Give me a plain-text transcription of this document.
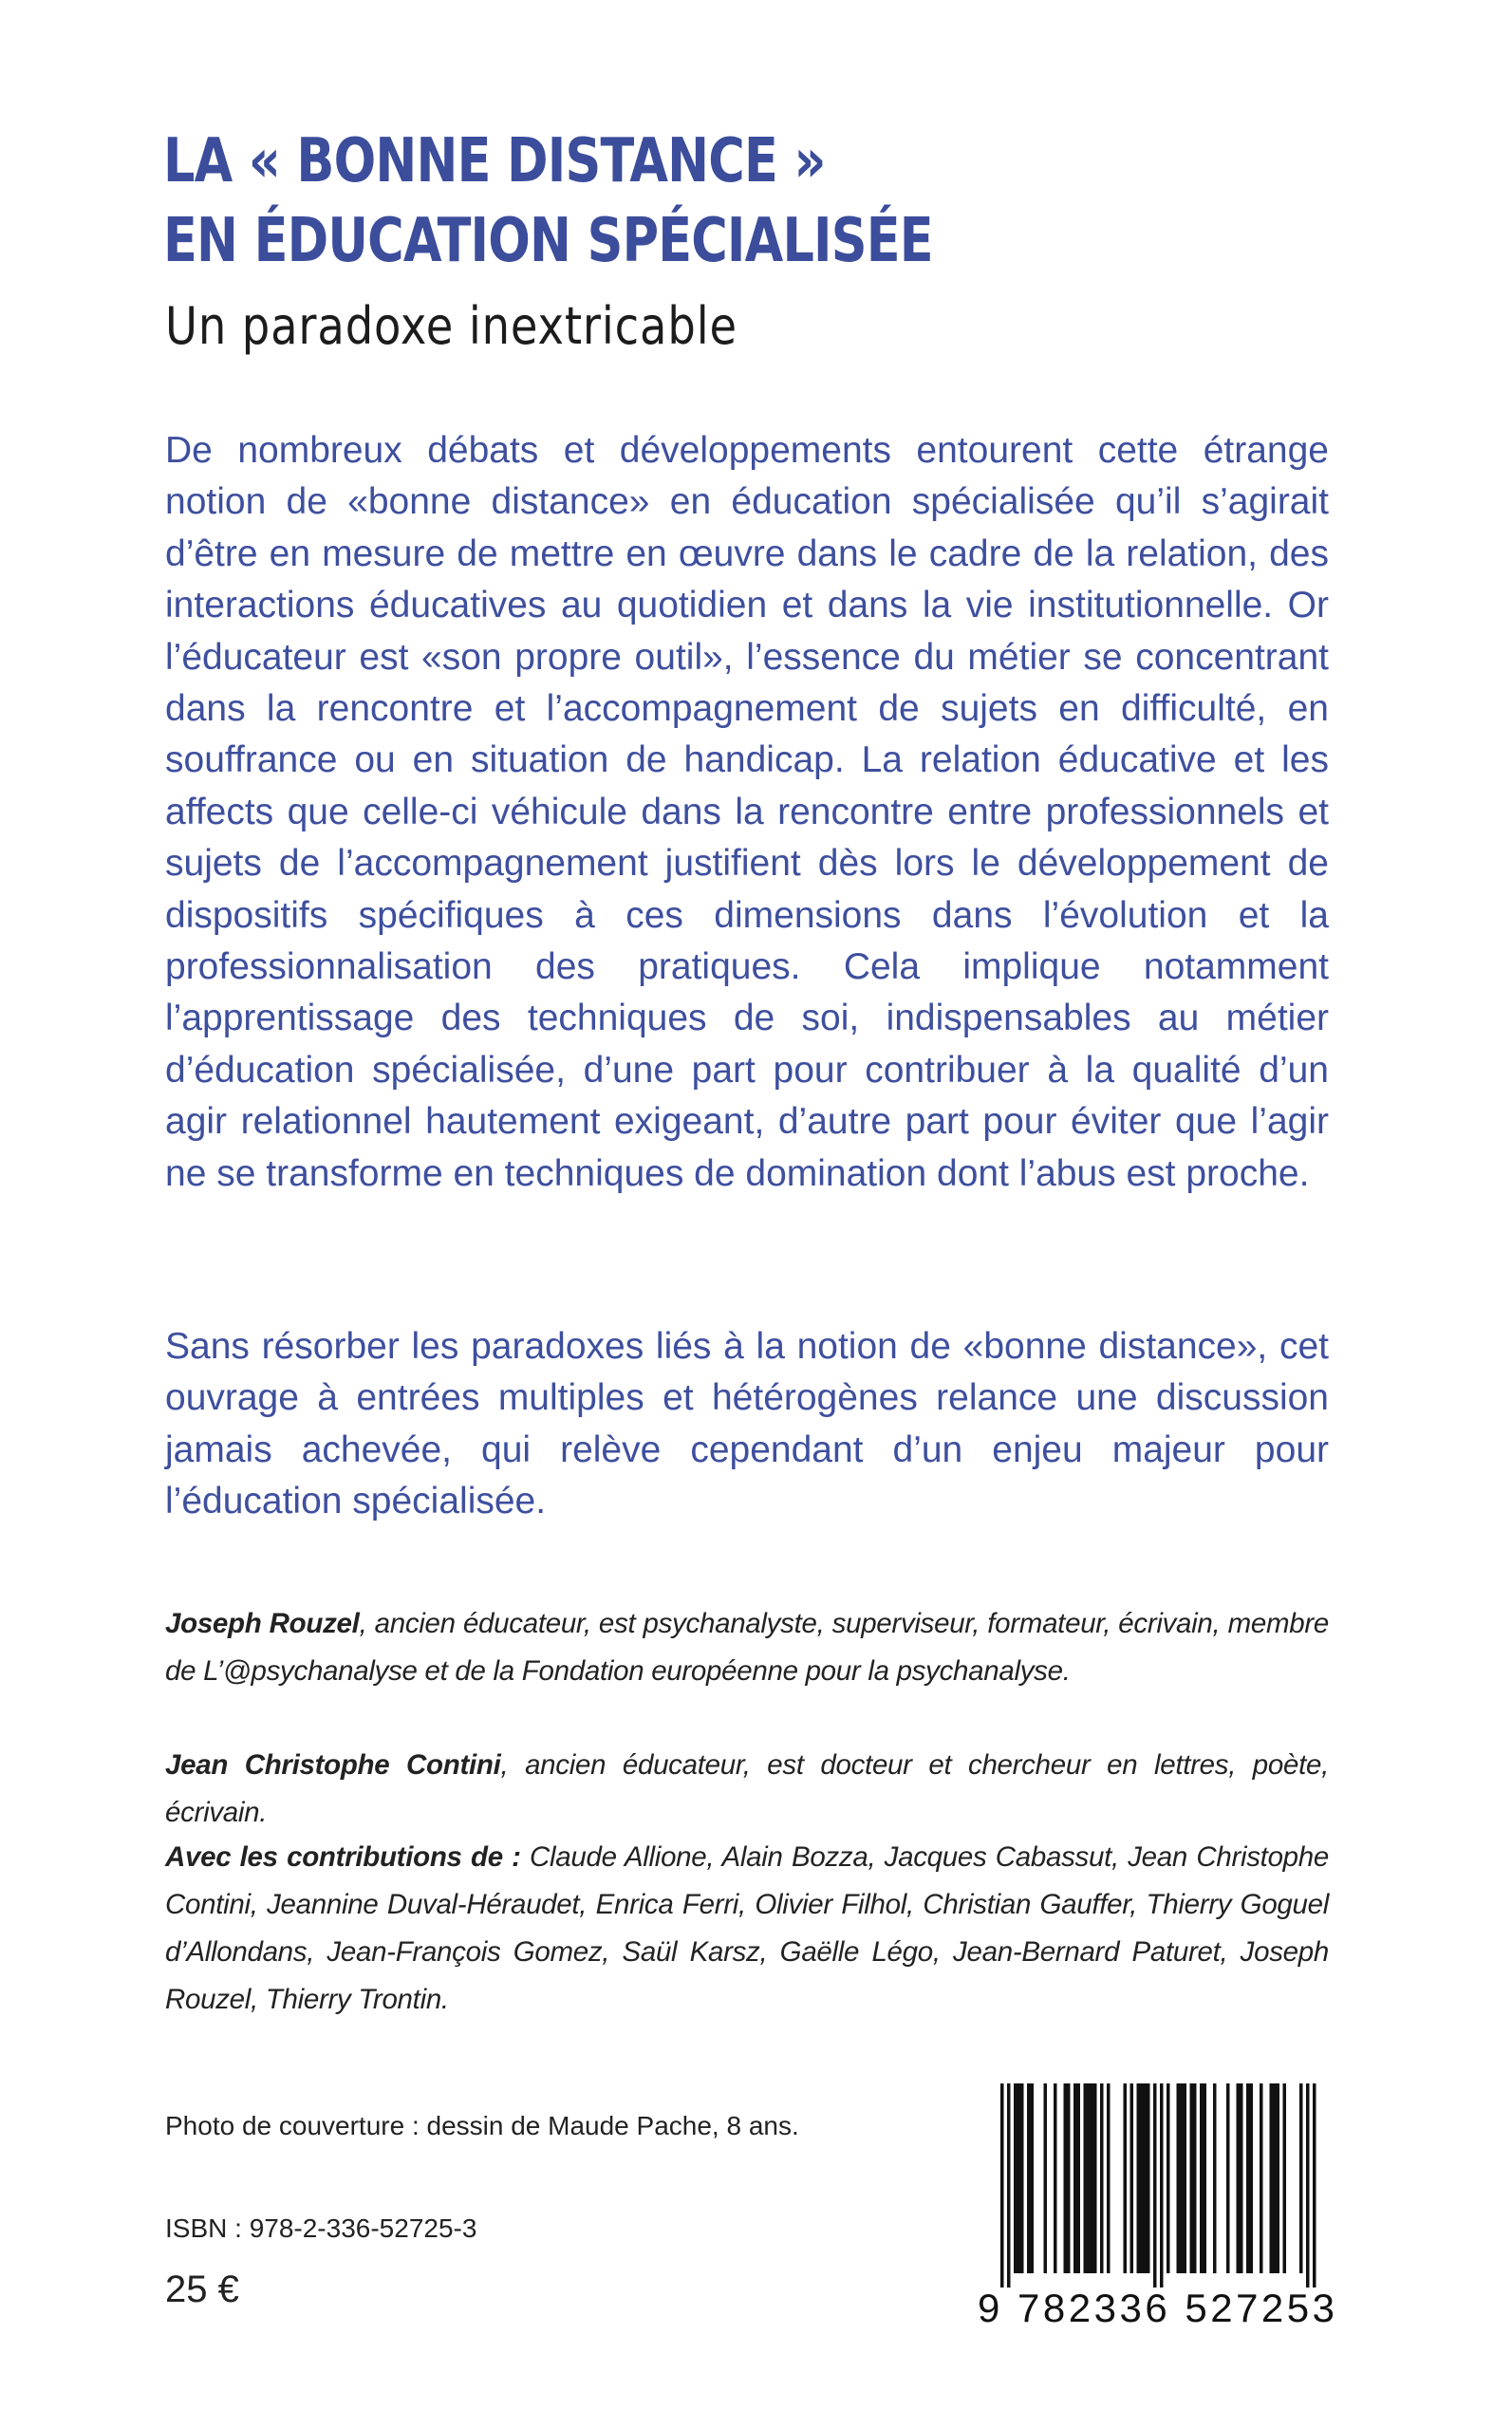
LA « BONNE DISTANCE »
EN ÉDUCATION SPÉCIALISÉE
Un paradoxe inextricable

De nombreux débats et développements entourent cette étrange notion de «bonne distance» en éducation spécialisée qu’il s’agirait d’être en mesure de mettre en œuvre dans le cadre de la relation, des interactions éducatives au quotidien et dans la vie institutionnelle. Or l’éducateur est «son propre outil», l’essence du métier se concentrant dans la rencontre et l’accompagnement de sujets en difficulté, en souffrance ou en situation de handicap. La relation éducative et les affects que celle-ci véhicule dans la rencontre entre professionnels et sujets de l’accompagnement justifient dès lors le développement de dispositifs spécifiques à ces dimensions dans l’évolution et la professionnalisation des pratiques. Cela implique notamment l’apprentissage des techniques de soi, indispensables au métier d’éducation spécialisée, d’une part pour contribuer à la qualité d’un agir relationnel hautement exigeant, d’autre part pour éviter que l’agir ne se transforme en techniques de domination dont l’abus est proche.

Sans résorber les paradoxes liés à la notion de «bonne distance», cet ouvrage à entrées multiples et hétérogènes relance une discussion jamais achevée, qui relève cependant d’un enjeu majeur pour l’éducation spécialisée.

Joseph Rouzel, ancien éducateur, est psychanalyste, superviseur, formateur, écrivain, membre de L’@psychanalyse et de la Fondation européenne pour la psychanalyse.

Jean Christophe Contini, ancien éducateur, est docteur et chercheur en lettres, poète, écrivain.

Avec les contributions de : Claude Allione, Alain Bozza, Jacques Cabassut, Jean Christophe Contini, Jeannine Duval-Héraudet, Enrica Ferri, Olivier Filhol, Christian Gauffer, Thierry Goguel d’Allondans, Jean-François Gomez, Saül Karsz, Gaëlle Légo, Jean-Bernard Paturet, Joseph Rouzel, Thierry Trontin.

Photo de couverture : dessin de Maude Pache, 8 ans.
ISBN : 978-2-336-52725-3
25 €	9 782336 527253
